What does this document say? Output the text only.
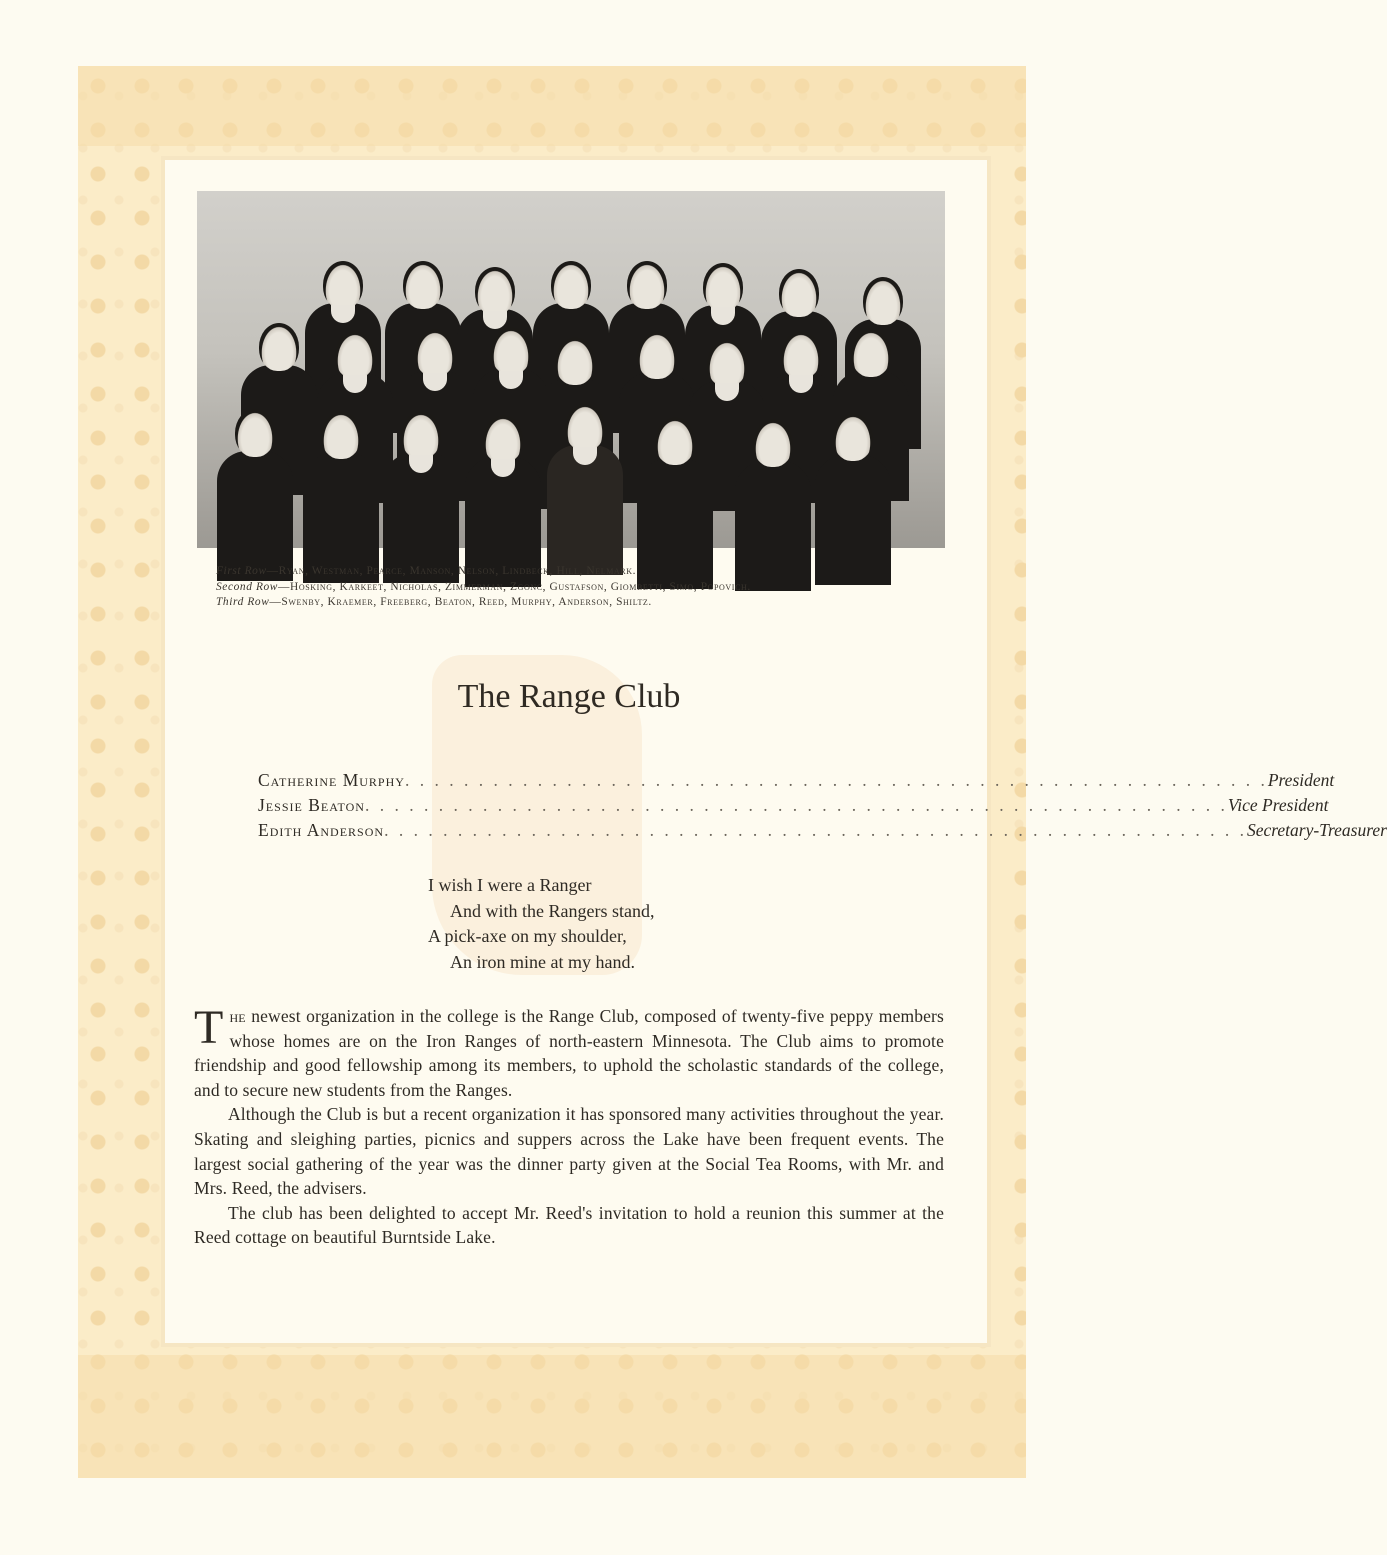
First Row—Ryan, Westman, Pearce, Manson, Nelson, Lindbeck, Hill, Nelmark.
Second Row—Hosking, Karkeet, Nicholas, Zimmerman, Zgonc, Gustafson, Giombetti, Simo, Popovich.
Third Row—Swenby, Kraemer, Freeberg, Beaton, Reed, Murphy, Anderson, Shiltz.
The Range Club
Catherine Murphy . . . . . . . . . . . . . . . . . . . . . . . . . . . . . . . . . . . . . . . . . . . . . . . . . . . . . . . . . . . President
Jessie Beaton . . . . . . . . . . . . . . . . . . . . . . . . . . . . . . . . . . . . . . . . . . . . . . . . . . . . . . . . . . . Vice President
Edith Anderson . . . . . . . . . . . . . . . . . . . . . . . . . . . . . . . . . . . . . . . . . . . . . . . . . . . . . . . . . . . Secretary-Treasurer
I wish I were a Ranger
And with the Rangers stand,
A pick-axe on my shoulder,
An iron mine at my hand.

The newest organization in the college is the Range Club, composed of twenty-five peppy members whose homes are on the Iron Ranges of north-eastern Minnesota. The Club aims to promote friendship and good fellowship among its members, to uphold the scholastic standards of the college, and to secure new students from the Ranges.

Although the Club is but a recent organization it has sponsored many activities throughout the year. Skating and sleighing parties, picnics and suppers across the Lake have been frequent events. The largest social gathering of the year was the dinner party given at the Social Tea Rooms, with Mr. and Mrs. Reed, the advisers.

The club has been delighted to accept Mr. Reed's invitation to hold a reunion this summer at the Reed cottage on beautiful Burntside Lake.
